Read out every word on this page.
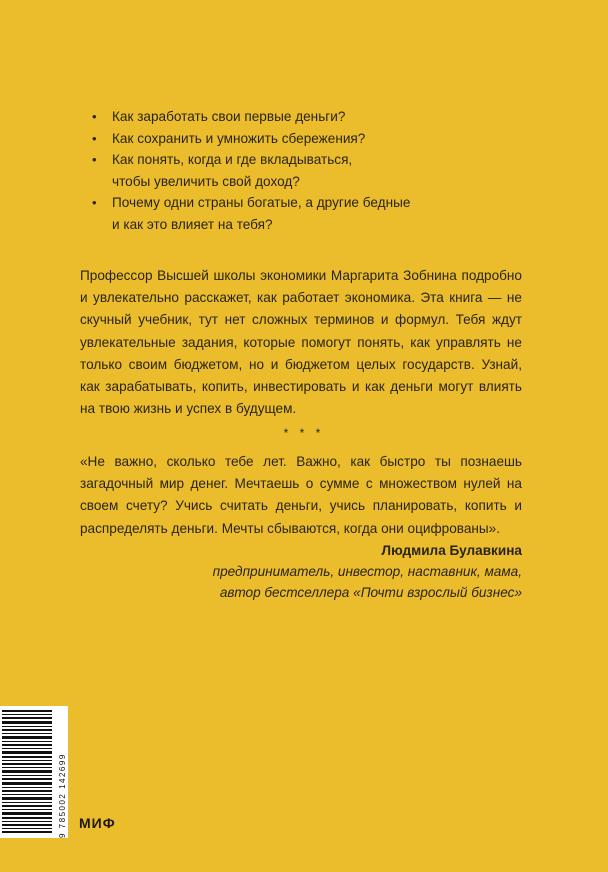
• Как заработать свои первые деньги?
• Как сохранить и умножить сбережения?
• Как понять, когда и где вкладываться,
чтобы увеличить свой доход?
• Почему одни страны богатые, а другие бедные
и как это влияет на тебя?

Профессор Высшей школы экономики Маргарита Зобнина подробно и увлекательно расскажет, как работает экономика. Эта книга — не скучный учебник, тут нет сложных терминов и формул. Тебя ждут увлекательные задания, которые помогут понять, как управлять не только своим бюджетом, но и бюджетом целых государств. Узнай, как зарабатывать, копить, инвестировать и как деньги могут влиять на твою жизнь и успех в будущем.

* * *

«Не важно, сколько тебе лет. Важно, как быстро ты познаешь загадочный мир денег. Мечтаешь о сумме с множеством нулей на своем счету? Учись считать деньги, учись планировать, копить и распределять деньги. Мечты сбываются, когда они оцифрованы».

Людмила Булавкина
предприниматель, инвестор, наставник, мама,
автор бестселлера «Почти взрослый бизнес»
9 785002 142699 МИФ
